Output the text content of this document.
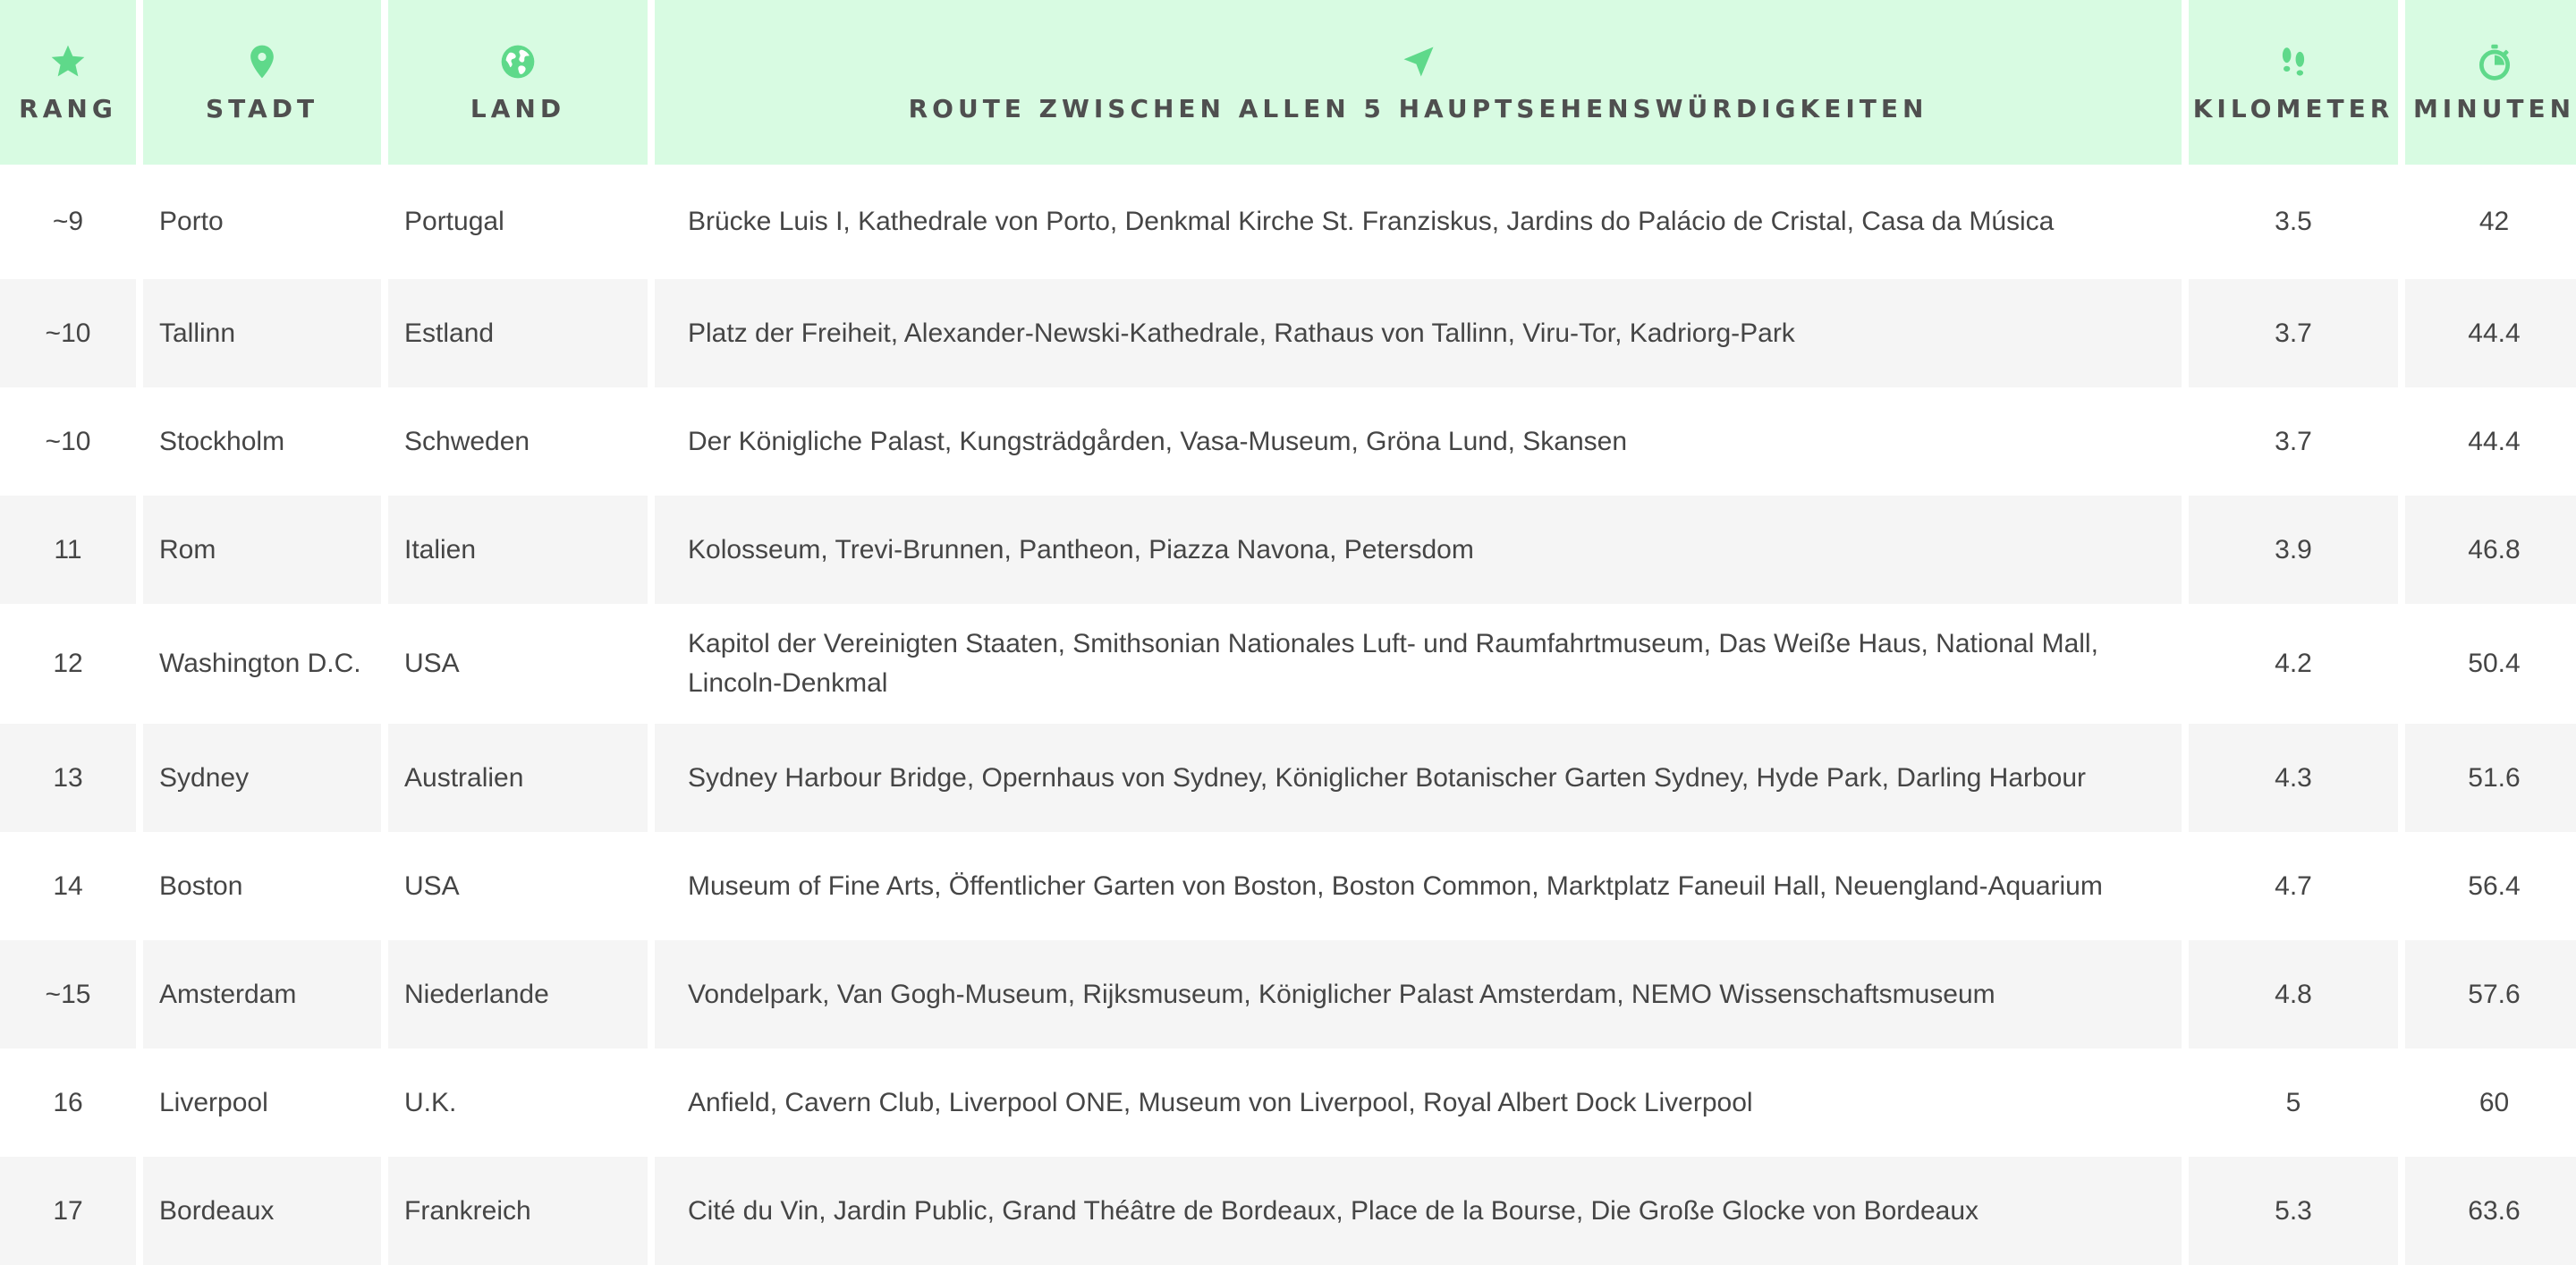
RANG	STADT	LAND	ROUTE ZWISCHEN ALLEN 5 HAUPTSEHENSWÜRDIGKEITEN	KILOMETER	MINUTEN

~9	Porto	Portugal	Brücke Luis I, Kathedrale von Porto, Denkmal Kirche St. Franziskus, Jardins do Palácio de Cristal, Casa da Música	3.5	42
~10	Tallinn	Estland	Platz der Freiheit, Alexander-Newski-Kathedrale, Rathaus von Tallinn, Viru-Tor, Kadriorg-Park	3.7	44.4
~10	Stockholm	Schweden	Der Königliche Palast, Kungsträdgården, Vasa-Museum, Gröna Lund, Skansen	3.7	44.4
11	Rom	Italien	Kolosseum, Trevi-Brunnen, Pantheon, Piazza Navona, Petersdom	3.9	46.8
12	Washington D.C.	USA	Kapitol der Vereinigten Staaten, Smithsonian Nationales Luft- und Raumfahrtmuseum, Das Weiße Haus, National Mall, Lincoln-Denkmal	4.2	50.4
13	Sydney	Australien	Sydney Harbour Bridge, Opernhaus von Sydney, Königlicher Botanischer Garten Sydney, Hyde Park, Darling Harbour	4.3	51.6
14	Boston	USA	Museum of Fine Arts, Öffentlicher Garten von Boston, Boston Common, Marktplatz Faneuil Hall, Neuengland-Aquarium	4.7	56.4
~15	Amsterdam	Niederlande	Vondelpark, Van Gogh-Museum, Rijksmuseum, Königlicher Palast Amsterdam, NEMO Wissenschaftsmuseum	4.8	57.6
16	Liverpool	U.K.	Anfield, Cavern Club, Liverpool ONE, Museum von Liverpool, Royal Albert Dock Liverpool	5	60
17	Bordeaux	Frankreich	Cité du Vin, Jardin Public, Grand Théâtre de Bordeaux, Place de la Bourse, Die Große Glocke von Bordeaux	5.3	63.6
